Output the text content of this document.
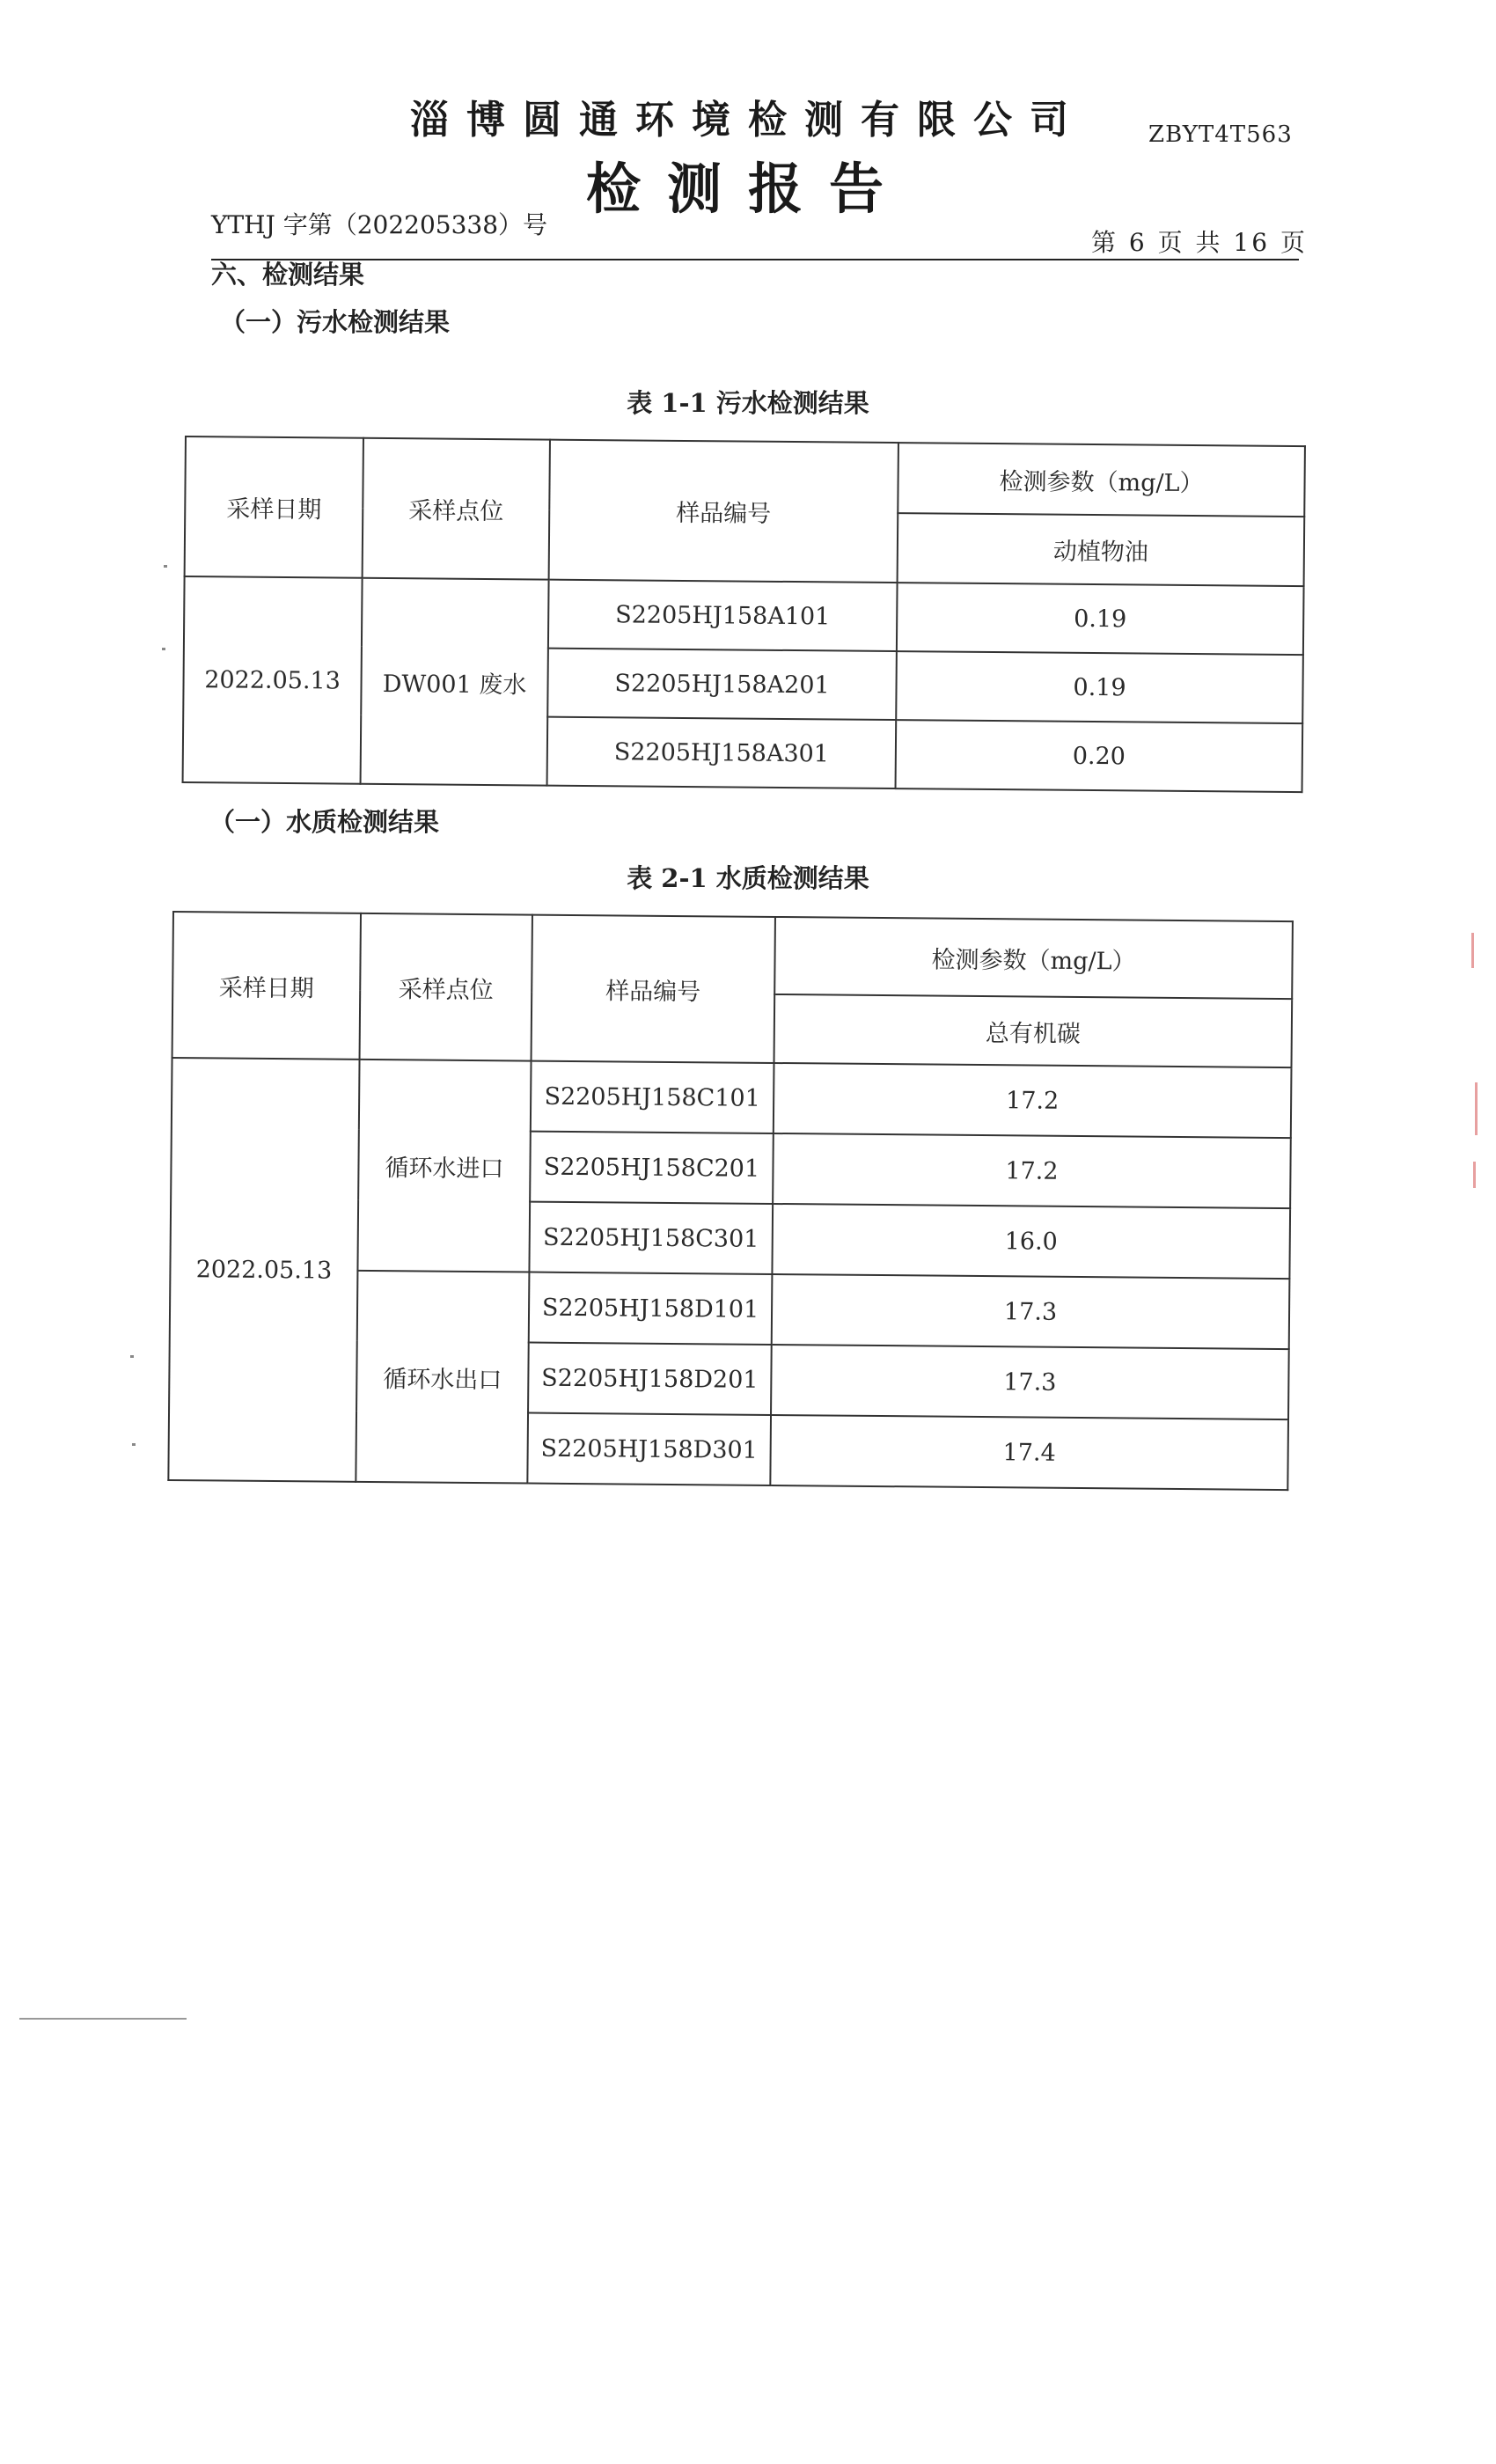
淄博圆通环境检测有限公司	ZBYT4T563
检测报告
YTHJ 字第（202205338）号
第 6 页 共 16 页
六、检测结果
（一）污水检测结果
表 1-1 污水检测结果
采样日期	采样点位	样品编号	检测参数（mg/L）
			动植物油
2022.05.13	DW001 废水	S2205HJ158A101	0.19
		S2205HJ158A201	0.19
		S2205HJ158A301	0.20
（一）水质检测结果
表 2-1 水质检测结果
采样日期	采样点位	样品编号	检测参数（mg/L）
			总有机碳
2022.05.13	循环水进口	S2205HJ158C101	17.2
		S2205HJ158C201	17.2
		S2205HJ158C301	16.0
	循环水出口	S2205HJ158D101	17.3
		S2205HJ158D201	17.3
		S2205HJ158D301	17.4
